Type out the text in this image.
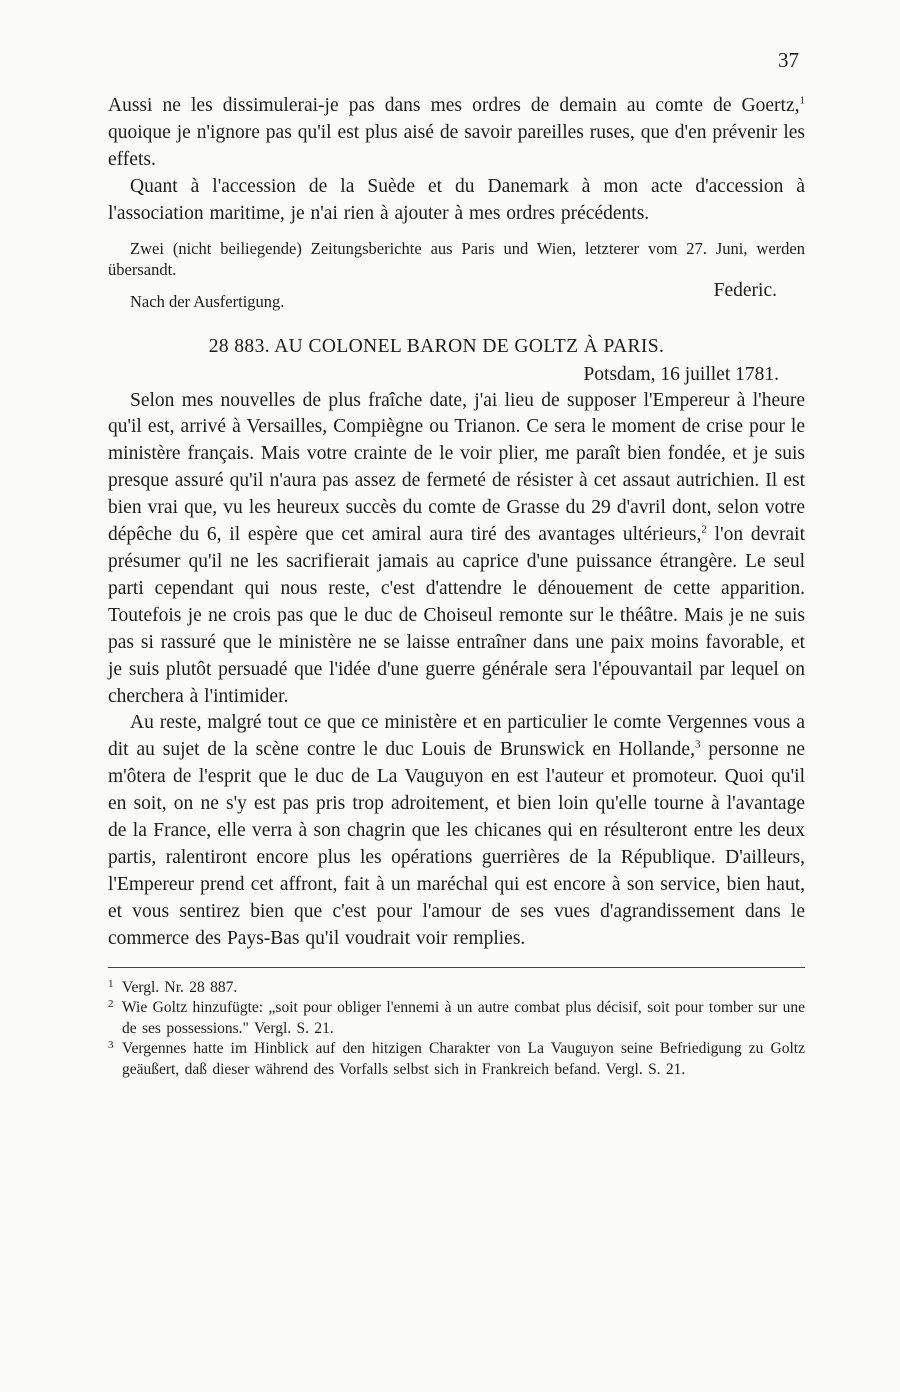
37

Aussi ne les dissimulerai-je pas dans mes ordres de demain au comte de Goertz,$^1$ quoique je n'ignore pas qu'il est plus aisé de savoir pareilles ruses, que d'en prévenir les effets.

Quant à l'accession de la Suède et du Danemark à mon acte d'accession à l'association maritime, je n'ai rien à ajouter à mes ordres précédents.

Zwei (nicht beiliegende) Zeitungsberichte aus Paris und Wien, letzterer vom 27. Juni, werden übersandt.

Nach der Ausfertigung.
Federic.
28 883. AU COLONEL BARON DE GOLTZ À PARIS.
Potsdam, 16 juillet 1781.

Selon mes nouvelles de plus fraîche date, j'ai lieu de supposer l'Empereur à l'heure qu'il est, arrivé à Versailles, Compiègne ou Trianon. Ce sera le moment de crise pour le ministère français. Mais votre crainte de le voir plier, me paraît bien fondée, et je suis presque assuré qu'il n'aura pas assez de fermeté de résister à cet assaut autrichien. Il est bien vrai que, vu les heureux succès du comte de Grasse du 29 d'avril dont, selon votre dépêche du 6, il espère que cet amiral aura tiré des avantages ultérieurs,$^2$ l'on devrait présumer qu'il ne les sacrifierait jamais au caprice d'une puissance étrangère. Le seul parti cependant qui nous reste, c'est d'attendre le dénouement de cette apparition. Toutefois je ne crois pas que le duc de Choiseul remonte sur le théâtre. Mais je ne suis pas si rassuré que le ministère ne se laisse entraîner dans une paix moins favorable, et je suis plutôt persuadé que l'idée d'une guerre générale sera l'épouvantail par lequel on cherchera à l'intimider.

Au reste, malgré tout ce que ce ministère et en particulier le comte Vergennes vous a dit au sujet de la scène contre le duc Louis de Brunswick en Hollande,$^3$ personne ne m'ôtera de l'esprit que le duc de La Vauguyon en est l'auteur et promoteur. Quoi qu'il en soit, on ne s'y est pas pris trop adroitement, et bien loin qu'elle tourne à l'avantage de la France, elle verra à son chagrin que les chicanes qui en résulteront entre les deux partis, ralentiront encore plus les opérations guerrières de la République. D'ailleurs, l'Empereur prend cet affront, fait à un maréchal qui est encore à son service, bien haut, et vous sentirez bien que c'est pour l'amour de ses vues d'agrandissement dans le commerce des Pays-Bas qu'il voudrait voir remplies.

1 Vergl. Nr. 28 887.

2 Wie Goltz hinzufügte: „soit pour obliger l'ennemi à un autre combat plus décisif, soit pour tomber sur une de ses possessions." Vergl. S. 21.

3 Vergennes hatte im Hinblick auf den hitzigen Charakter von La Vauguyon seine Befriedigung zu Goltz geäußert, daß dieser während des Vorfalls selbst sich in Frankreich befand. Vergl. S. 21.
